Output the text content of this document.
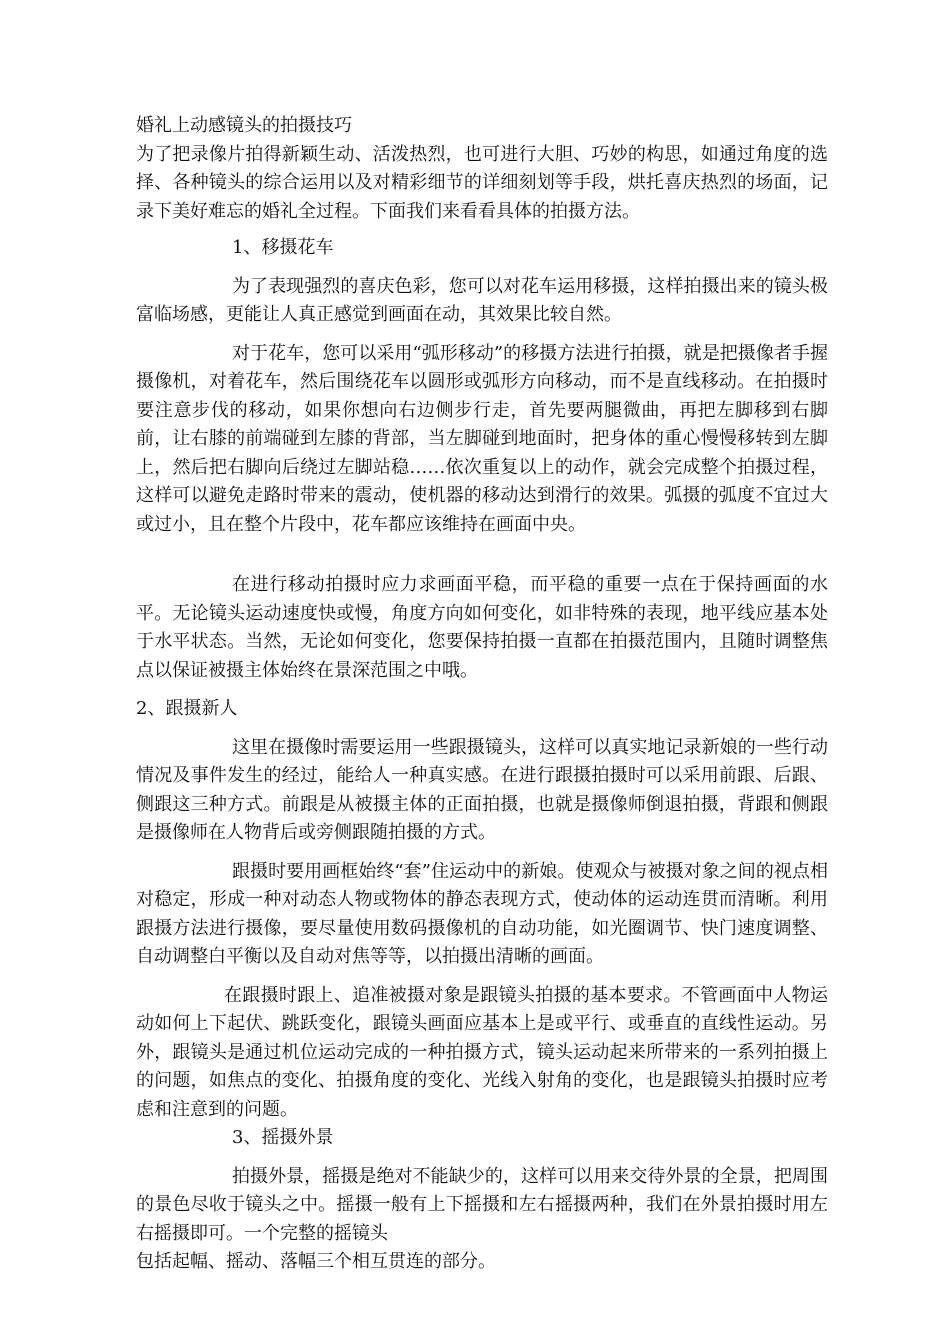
婚礼上动感镜头的拍摄技巧

为了把录像片拍得新颖生动、活泼热烈，也可进行大胆、巧妙的构思，如通过角度的选择、各种镜头的综合运用以及对精彩细节的详细刻划等手段，烘托喜庆热烈的场面，记录下美好难忘的婚礼全过程。下面我们来看看具体的拍摄方法。

1、移摄花车

为了表现强烈的喜庆色彩，您可以对花车运用移摄，这样拍摄出来的镜头极富临场感，更能让人真正感觉到画面在动，其效果比较自然。

对于花车，您可以采用“弧形移动”的移摄方法进行拍摄，就是把摄像者手握摄像机，对着花车，然后围绕花车以圆形或弧形方向移动，而不是直线移动。在拍摄时要注意步伐的移动，如果你想向右边侧步行走，首先要两腿微曲，再把左脚移到右脚前，让右膝的前端碰到左膝的背部，当左脚碰到地面时，把身体的重心慢慢移转到左脚上，然后把右脚向后绕过左脚站稳……依次重复以上的动作，就会完成整个拍摄过程，这样可以避免走路时带来的震动，使机器的移动达到滑行的效果。弧摄的弧度不宜过大或过小，且在整个片段中，花车都应该维持在画面中央。

在进行移动拍摄时应力求画面平稳，而平稳的重要一点在于保持画面的水平。无论镜头运动速度快或慢，角度方向如何变化，如非特殊的表现，地平线应基本处于水平状态。当然，无论如何变化，您要保持拍摄一直都在拍摄范围内，且随时调整焦点以保证被摄主体始终在景深范围之中哦。

2、跟摄新人

这里在摄像时需要运用一些跟摄镜头，这样可以真实地记录新娘的一些行动情况及事件发生的经过，能给人一种真实感。在进行跟摄拍摄时可以采用前跟、后跟、侧跟这三种方式。前跟是从被摄主体的正面拍摄，也就是摄像师倒退拍摄，背跟和侧跟是摄像师在人物背后或旁侧跟随拍摄的方式。

跟摄时要用画框始终“套”住运动中的新娘。使观众与被摄对象之间的视点相对稳定，形成一种对动态人物或物体的静态表现方式，使动体的运动连贯而清晰。利用跟摄方法进行摄像，要尽量使用数码摄像机的自动功能，如光圈调节、快门速度调整、自动调整白平衡以及自动对焦等等，以拍摄出清晰的画面。

在跟摄时跟上、追准被摄对象是跟镜头拍摄的基本要求。不管画面中人物运动如何上下起伏、跳跃变化，跟镜头画面应基本上是或平行、或垂直的直线性运动。另外，跟镜头是通过机位运动完成的一种拍摄方式，镜头运动起来所带来的一系列拍摄上的问题，如焦点的变化、拍摄角度的变化、光线入射角的变化，也是跟镜头拍摄时应考虑和注意到的问题。

3、摇摄外景

拍摄外景，摇摄是绝对不能缺少的，这样可以用来交待外景的全景，把周围的景色尽收于镜头之中。摇摄一般有上下摇摄和左右摇摄两种，我们在外景拍摄时用左右摇摄即可。一个完整的摇镜头

包括起幅、摇动、落幅三个相互贯连的部分。
